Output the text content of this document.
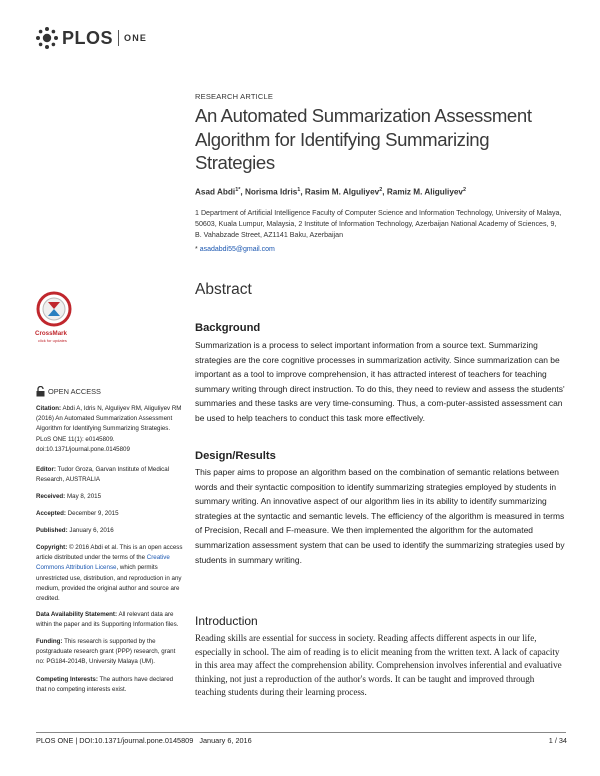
PLOS ONE
RESEARCH ARTICLE
An Automated Summarization Assessment
Algorithm for Identifying Summarizing
Strategies
Asad Abdi$^{1*}$, Norisma Idris$^1$, Rasim M. Alguliyev$^2$, Ramiz M. Aliguliyev$^2$
1 Department of Artificial Intelligence Faculty of Computer Science and Information Technology, University of Malaya, 50603, Kuala Lumpur, Malaysia, 2 Institute of Information Technology, Azerbaijan National Academy of Sciences, 9, B. Vahabzade Street, AZ1141 Baku, Azerbaijan
* asadabdi55@gmail.com
Abstract
Background
Summarization is a process to select important information from a source text. Summarizing strategies are the core cognitive processes in summarization activity. Since summarization can be important as a tool to improve comprehension, it has attracted interest of teachers for teaching summary writing through direct instruction. To do this, they need to review and assess the students' summaries and these tasks are very time-consuming. Thus, a com-puter-assisted assessment can be used to help teachers to conduct this task more effectively.
Design/Results
This paper aims to propose an algorithm based on the combination of semantic relations between words and their syntactic composition to identify summarizing strategies employed by students in summary writing. An innovative aspect of our algorithm lies in its ability to identify summarizing strategies at the syntactic and semantic levels. The efficiency of the algorithm is measured in terms of Precision, Recall and F-measure. We then implemented the algorithm for the automated summarization assessment system that can be used to identify the summarizing strategies used by students in summary writing.
Introduction
Reading skills are essential for success in society. Reading affects different aspects in our life, especially in school. The aim of reading is to elicit meaning from the written text. A lack of capacity in this area may affect the comprehension ability. Comprehension involves inferential and evaluative thinking, not just a reproduction of the author's words. It can be taught and improved through teaching students during their learning process.
CrossMark
click for updates
OPEN ACCESS
Citation: Abdi A, Idris N, Alguliyev RM, Aliguliyev RM (2016) An Automated Summarization Assessment Algorithm for Identifying Summarizing Strategies. PLoS ONE 11(1): e0145809. doi:10.1371/journal.pone.0145809
Editor: Tudor Groza, Garvan Institute of Medical Research, AUSTRALIA
Received: May 8, 2015
Accepted: December 9, 2015
Published: January 6, 2016
Copyright: © 2016 Abdi et al. This is an open access article distributed under the terms of the Creative Commons Attribution License, which permits unrestricted use, distribution, and reproduction in any medium, provided the original author and source are credited.
Data Availability Statement: All relevant data are within the paper and its Supporting Information files.
Funding: This research is supported by the postgraduate research grant (PPP) research, grant no: PG184-2014B, University Malaya (UM).
Competing Interests: The authors have declared that no competing interests exist.
PLOS ONE | DOI:10.1371/journal.pone.0145809   January 6, 2016	1 / 34
